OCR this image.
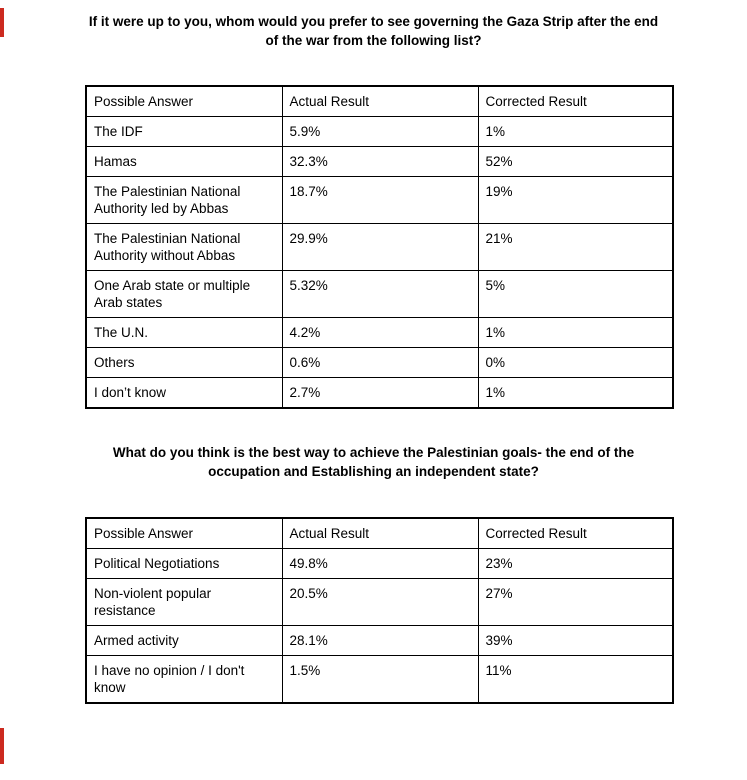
If it were up to you, whom would you prefer to see governing the Gaza Strip after the end
of the war from the following list?
Possible Answer	Actual Result	Corrected Result
The IDF	5.9%	1%
Hamas	32.3%	52%
The Palestinian National Authority led by Abbas	18.7%	19%
The Palestinian National Authority without Abbas	29.9%	21%
One Arab state or multiple Arab states	5.32%	5%
The U.N.	4.2%	1%
Others	0.6%	0%
I don’t know	2.7%	1%
What do you think is the best way to achieve the Palestinian goals- the end of the
occupation and Establishing an independent state?
Possible Answer	Actual Result	Corrected Result
Political Negotiations	49.8%	23%
Non-violent popular resistance	20.5%	27%
Armed activity	28.1%	39%
I have no opinion / I don't know	1.5%	11%
